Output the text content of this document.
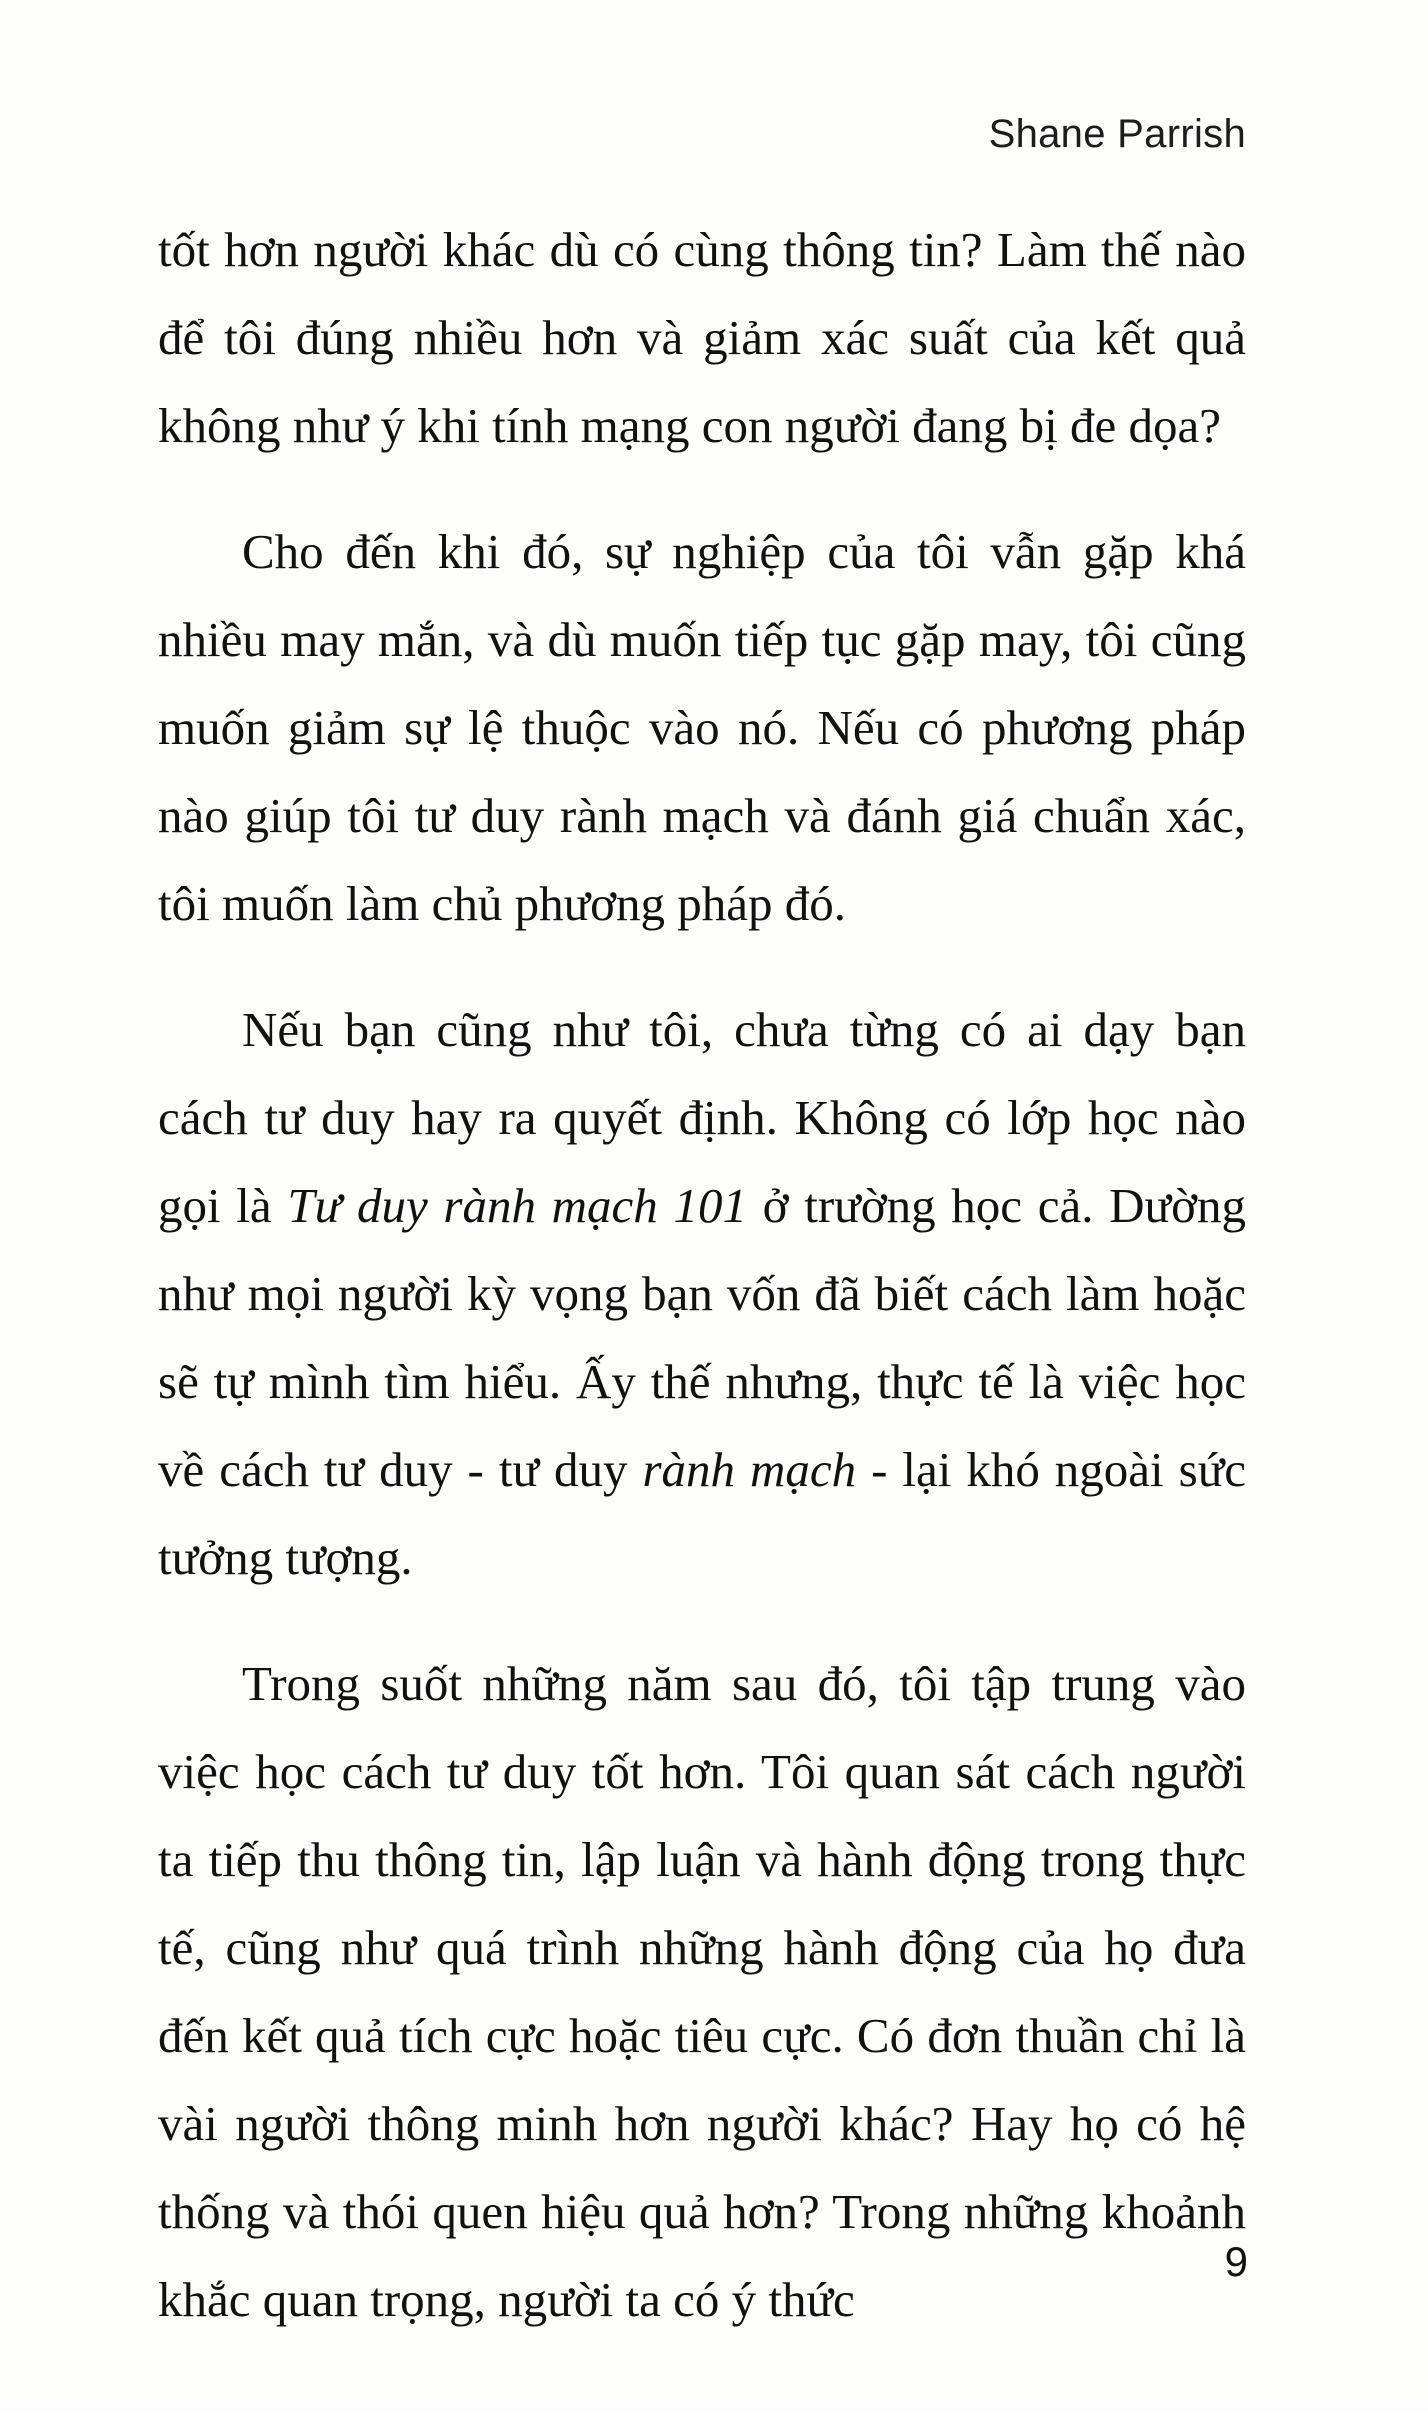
Shane Parrish

tốt hơn người khác dù có cùng thông tin? Làm thế nào để tôi đúng nhiều hơn và giảm xác suất của kết quả không như ý khi tính mạng con người đang bị đe dọa?

Cho đến khi đó, sự nghiệp của tôi vẫn gặp khá nhiều may mắn, và dù muốn tiếp tục gặp may, tôi cũng muốn giảm sự lệ thuộc vào nó. Nếu có phương pháp nào giúp tôi tư duy rành mạch và đánh giá chuẩn xác, tôi muốn làm chủ phương pháp đó.

Nếu bạn cũng như tôi, chưa từng có ai dạy bạn cách tư duy hay ra quyết định. Không có lớp học nào gọi là Tư duy rành mạch 101 ở trường học cả. Dường như mọi người kỳ vọng bạn vốn đã biết cách làm hoặc sẽ tự mình tìm hiểu. Ấy thế nhưng, thực tế là việc học về cách tư duy - tư duy rành mạch - lại khó ngoài sức tưởng tượng.

Trong suốt những năm sau đó, tôi tập trung vào việc học cách tư duy tốt hơn. Tôi quan sát cách người ta tiếp thu thông tin, lập luận và hành động trong thực tế, cũng như quá trình những hành động của họ đưa đến kết quả tích cực hoặc tiêu cực. Có đơn thuần chỉ là vài người thông minh hơn người khác? Hay họ có hệ thống và thói quen hiệu quả hơn? Trong những khoảnh khắc quan trọng, người ta có ý thức

9
